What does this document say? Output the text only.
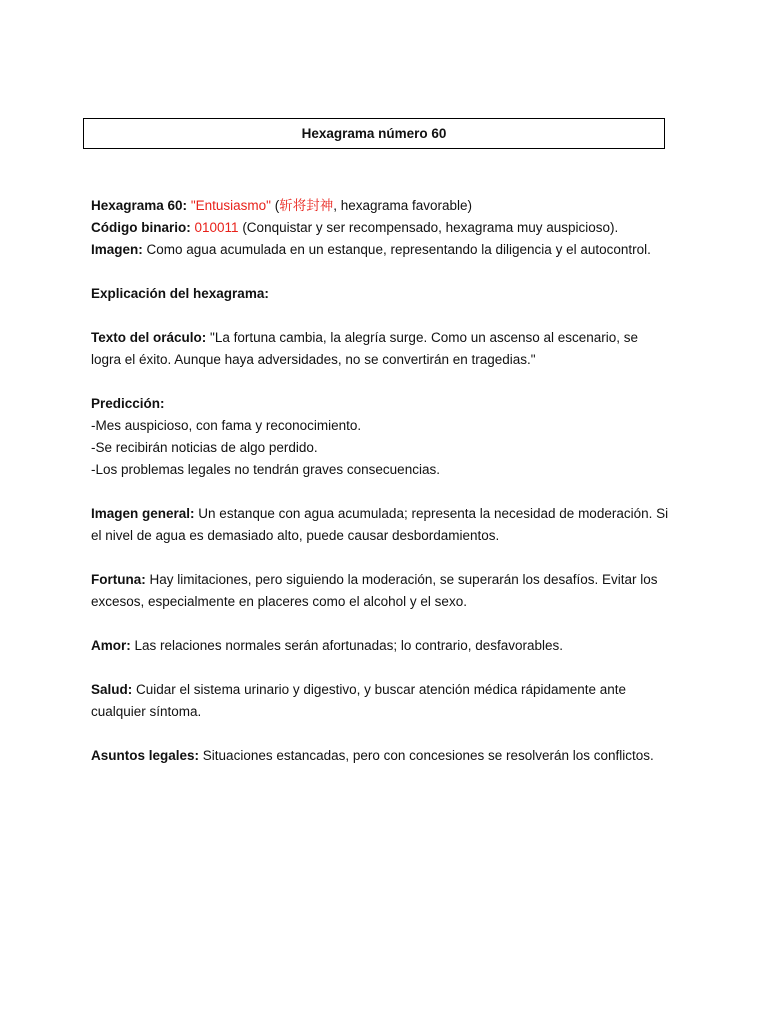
Hexagrama número 60
Hexagrama 60: "Entusiasmo" (斩将封神, hexagrama favorable)
Código binario: 010011 (Conquistar y ser recompensado, hexagrama muy auspicioso).
Imagen: Como agua acumulada en un estanque, representando la diligencia y el autocontrol.
Explicación del hexagrama:
Texto del oráculo: "La fortuna cambia, la alegría surge. Como un ascenso al escenario, se logra el éxito. Aunque haya adversidades, no se convertirán en tragedias."
Predicción:
-Mes auspicioso, con fama y reconocimiento.
-Se recibirán noticias de algo perdido.
-Los problemas legales no tendrán graves consecuencias.
Imagen general: Un estanque con agua acumulada; representa la necesidad de moderación. Si el nivel de agua es demasiado alto, puede causar desbordamientos.
Fortuna: Hay limitaciones, pero siguiendo la moderación, se superarán los desafíos. Evitar los excesos, especialmente en placeres como el alcohol y el sexo.
Amor: Las relaciones normales serán afortunadas; lo contrario, desfavorables.
Salud: Cuidar el sistema urinario y digestivo, y buscar atención médica rápidamente ante cualquier síntoma.
Asuntos legales: Situaciones estancadas, pero con concesiones se resolverán los conflictos.
